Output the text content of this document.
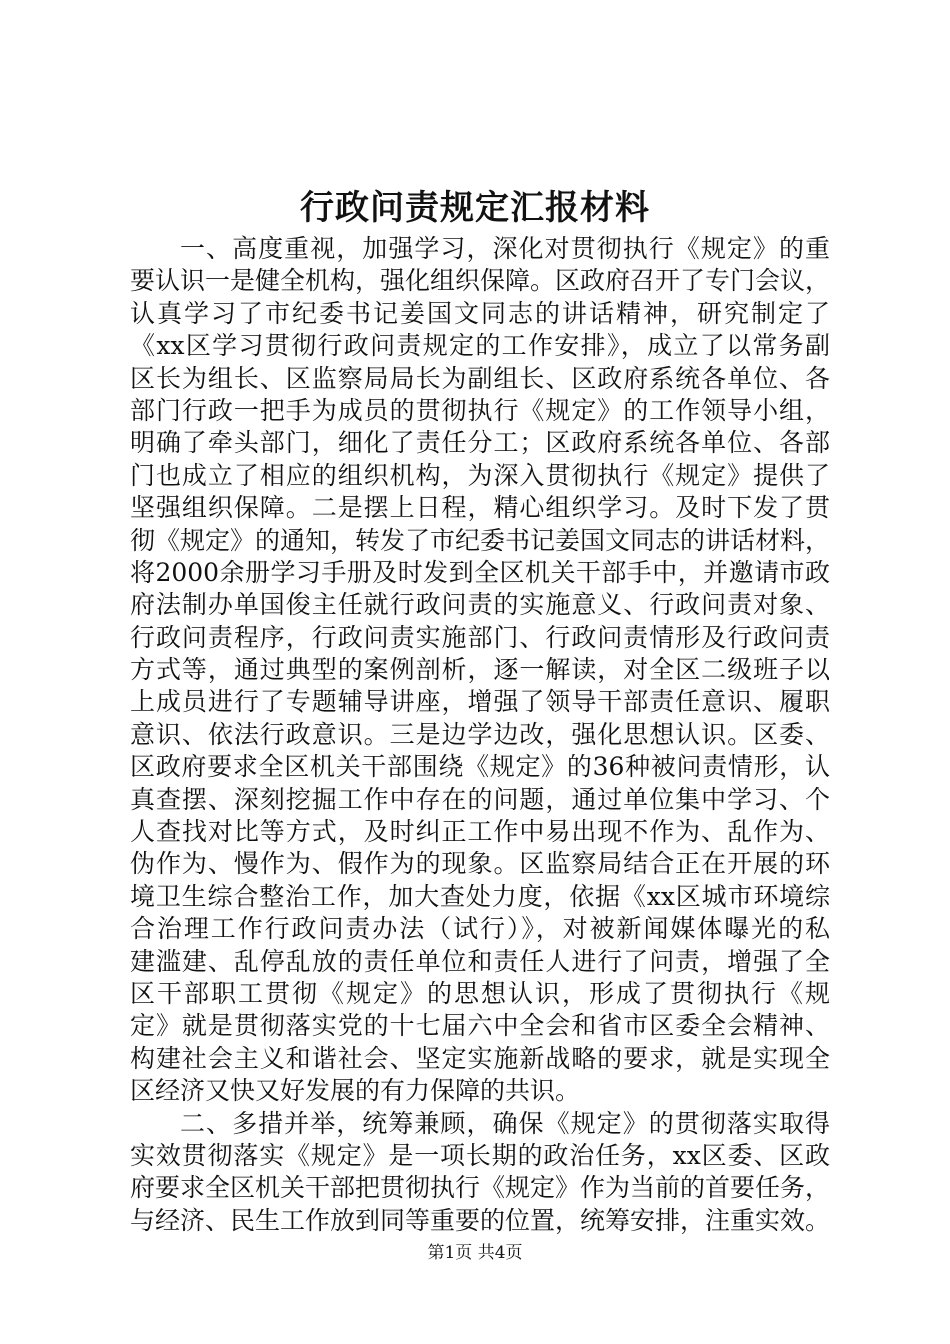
行政问责规定汇报材料
一、高度重视，加强学习，深化对贯彻执行《规定》的重
要认识一是健全机构，强化组织保障。区政府召开了专门会议，
认真学习了市纪委书记姜国文同志的讲话精神，研究制定了
《xx区学习贯彻行政问责规定的工作安排》，成立了以常务副
区长为组长、区监察局局长为副组长、区政府系统各单位、各
部门行政一把手为成员的贯彻执行《规定》的工作领导小组，
明确了牵头部门，细化了责任分工；区政府系统各单位、各部
门也成立了相应的组织机构，为深入贯彻执行《规定》提供了
坚强组织保障。二是摆上日程，精心组织学习。及时下发了贯
彻《规定》的通知，转发了市纪委书记姜国文同志的讲话材料，
将2000余册学习手册及时发到全区机关干部手中，并邀请市政
府法制办单国俊主任就行政问责的实施意义、行政问责对象、
行政问责程序，行政问责实施部门、行政问责情形及行政问责
方式等，通过典型的案例剖析，逐一解读，对全区二级班子以
上成员进行了专题辅导讲座，增强了领导干部责任意识、履职
意识、依法行政意识。三是边学边改，强化思想认识。区委、
区政府要求全区机关干部围绕《规定》的36种被问责情形，认
真查摆、深刻挖掘工作中存在的问题，通过单位集中学习、个
人查找对比等方式，及时纠正工作中易出现不作为、乱作为、
伪作为、慢作为、假作为的现象。区监察局结合正在开展的环
境卫生综合整治工作，加大查处力度，依据《xx区城市环境综
合治理工作行政问责办法（试行）》，对被新闻媒体曝光的私
建滥建、乱停乱放的责任单位和责任人进行了问责，增强了全
区干部职工贯彻《规定》的思想认识，形成了贯彻执行《规
定》就是贯彻落实党的十七届六中全会和省市区委全会精神、
构建社会主义和谐社会、坚定实施新战略的要求，就是实现全
区经济又快又好发展的有力保障的共识。
二、多措并举，统筹兼顾，确保《规定》的贯彻落实取得
实效贯彻落实《规定》是一项长期的政治任务，xx区委、区政
府要求全区机关干部把贯彻执行《规定》作为当前的首要任务，
与经济、民生工作放到同等重要的位置，统筹安排，注重实效。
第1页 共4页
